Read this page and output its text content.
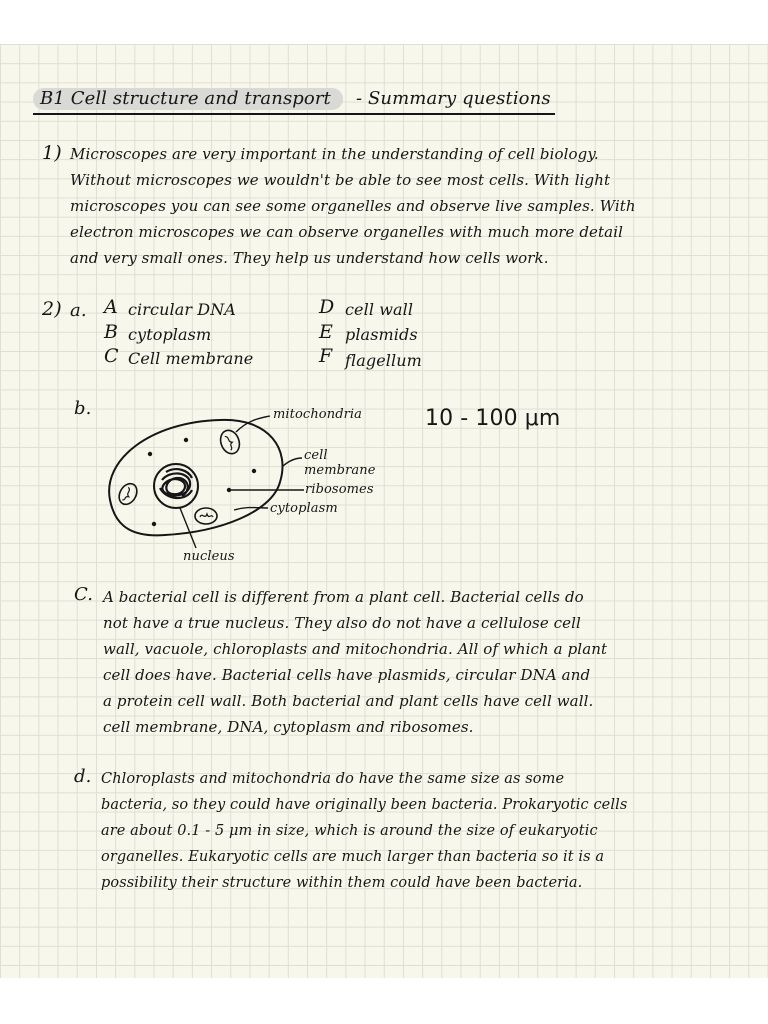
B1 Cell structure and transport - Summary questions

1) Microscopes are very important in the understanding of cell biology.

Without microscopes we wouldn't be able to see most cells. With light

microscopes you can see some organelles and observe live samples. With

electron microscopes we can observe organelles with much more detail

and very small ones. They help us understand how cells work.

2) a. A circular DNA

B cytoplasm

C Cell membrane

D cell wall

E plasmids

F flagellum

b.	10 - 100 μm

mitochondria

cell

membrane

ribosomes

cytoplasm

nucleus

C. A bacterial cell is different from a plant cell. Bacterial cells do

not have a true nucleus. They also do not have a cellulose cell

wall, vacuole, chloroplasts and mitochondria. All of which a plant

cell does have. Bacterial cells have plasmids, circular DNA and

a protein cell wall. Both bacterial and plant cells have cell wall.

cell membrane, DNA, cytoplasm and ribosomes.

d. Chloroplasts and mitochondria do have the same size as some

bacteria, so they could have originally been bacteria. Prokaryotic cells

are about 0.1 - 5 μm in size, which is around the size of eukaryotic

organelles. Eukaryotic cells are much larger than bacteria so it is a

possibility their structure within them could have been bacteria.
